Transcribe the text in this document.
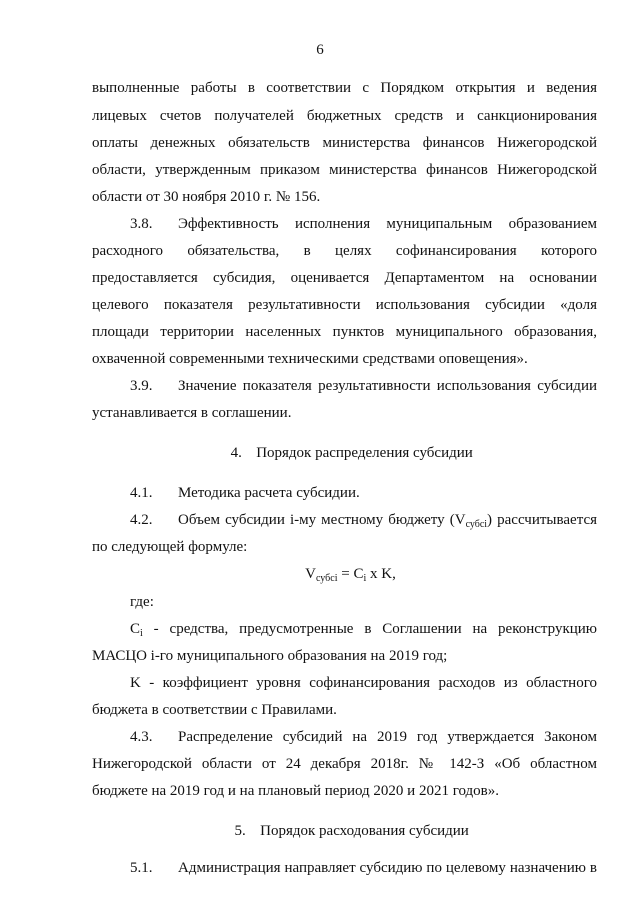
6
выполненные работы в соответствии с Порядком открытия и ведения
лицевых счетов получателей бюджетных средств и санкционирования
оплаты денежных обязательств министерства финансов Нижегородской
области, утвержденным приказом министерства финансов Нижегородской
области от 30 ноября 2010 г. № 156.
3.8. Эффективность исполнения муниципальным образованием
расходного обязательства, в целях софинансирования которого
предоставляется субсидия, оценивается Департаментом на основании
целевого показателя результативности использования субсидии «доля
площади территории населенных пунктов муниципального образования,
охваченной современными техническими средствами оповещения».
3.9. Значение показателя результативности использования субсидии
устанавливается в соглашении.
4. Порядок распределения субсидии
4.1. Методика расчета субсидии.
4.2. Объем субсидии i-му местному бюджету $(V_{субсi})$ рассчитывается
по следующей формуле:
$V_{субсi} = C_i$ x K,
где:
$C_i$ - средства, предусмотренные в Соглашении на реконструкцию
МАСЦО i-го муниципального образования на 2019 год;
K - коэффициент уровня софинансирования расходов из областного
бюджета в соответствии с Правилами.
4.3. Распределение субсидий на 2019 год утверждается Законом
Нижегородской области от 24 декабря 2018г. № 142-З «Об областном
бюджете на 2019 год и на плановый период 2020 и 2021 годов».
5. Порядок расходования субсидии
5.1. Администрация направляет субсидию по целевому назначению в
